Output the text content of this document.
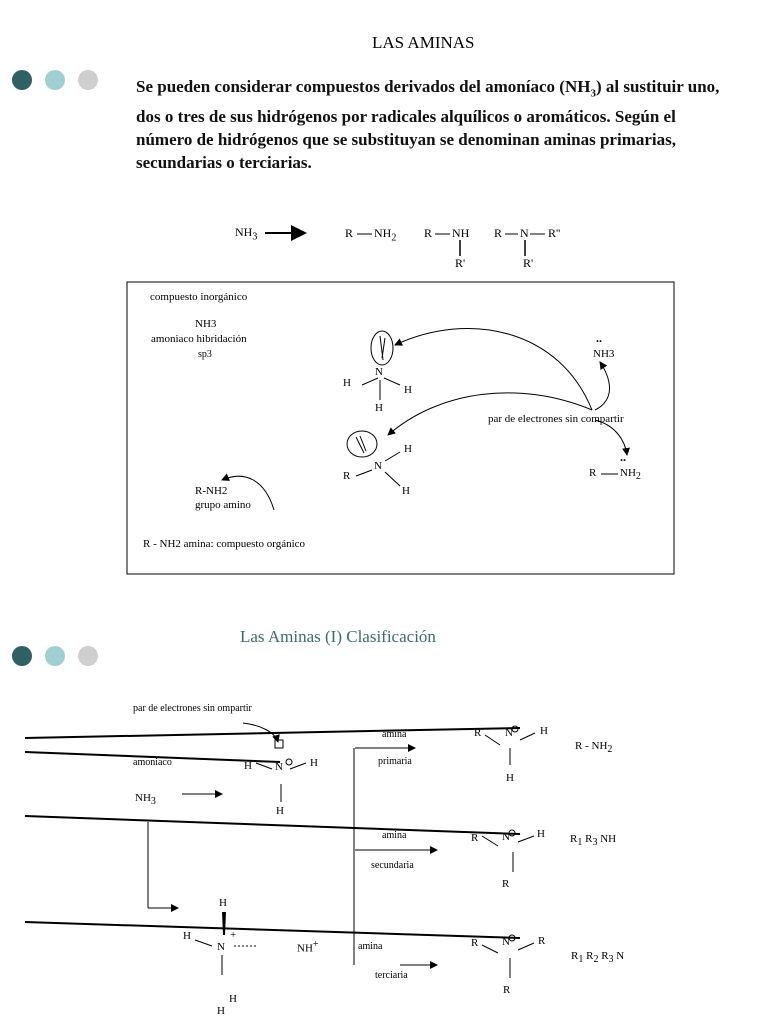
LAS AMINAS

Se pueden considerar compuestos derivados del amoníaco $(NH_3)$ al sustituir uno,

dos o tres de sus hidrógenos por radicales alquílicos o aromáticos. Según el

número de hidrógenos que se substituyan se denominan aminas primarias,

secundarias o terciarias.

$NH_3$	R $NH_2$ R NH
R'
R N R''
R'
compuesto inorgánico
NH3
amoniaco hibridación
sp3
N
H
H
H
N
H
R
H
..
NH3
par de electrones sin compartir
..
R $NH_2$
R-NH2
grupo amino
R - NH2 amina: compuesto orgánico
Las Aminas (I) Clasificación
par de electrones sin ompartir
amoniaco
$NH_3$
H N H
H
amina
primaria
R N H
H
R - $NH_2$
amina
secundaria
R N H
R
$R_1$ $R_3$ NH
H
H
N
+
H
H
NH+	amina
terciaria
R N	R
R
$R_1$ $R_2$ $R_3$ N
